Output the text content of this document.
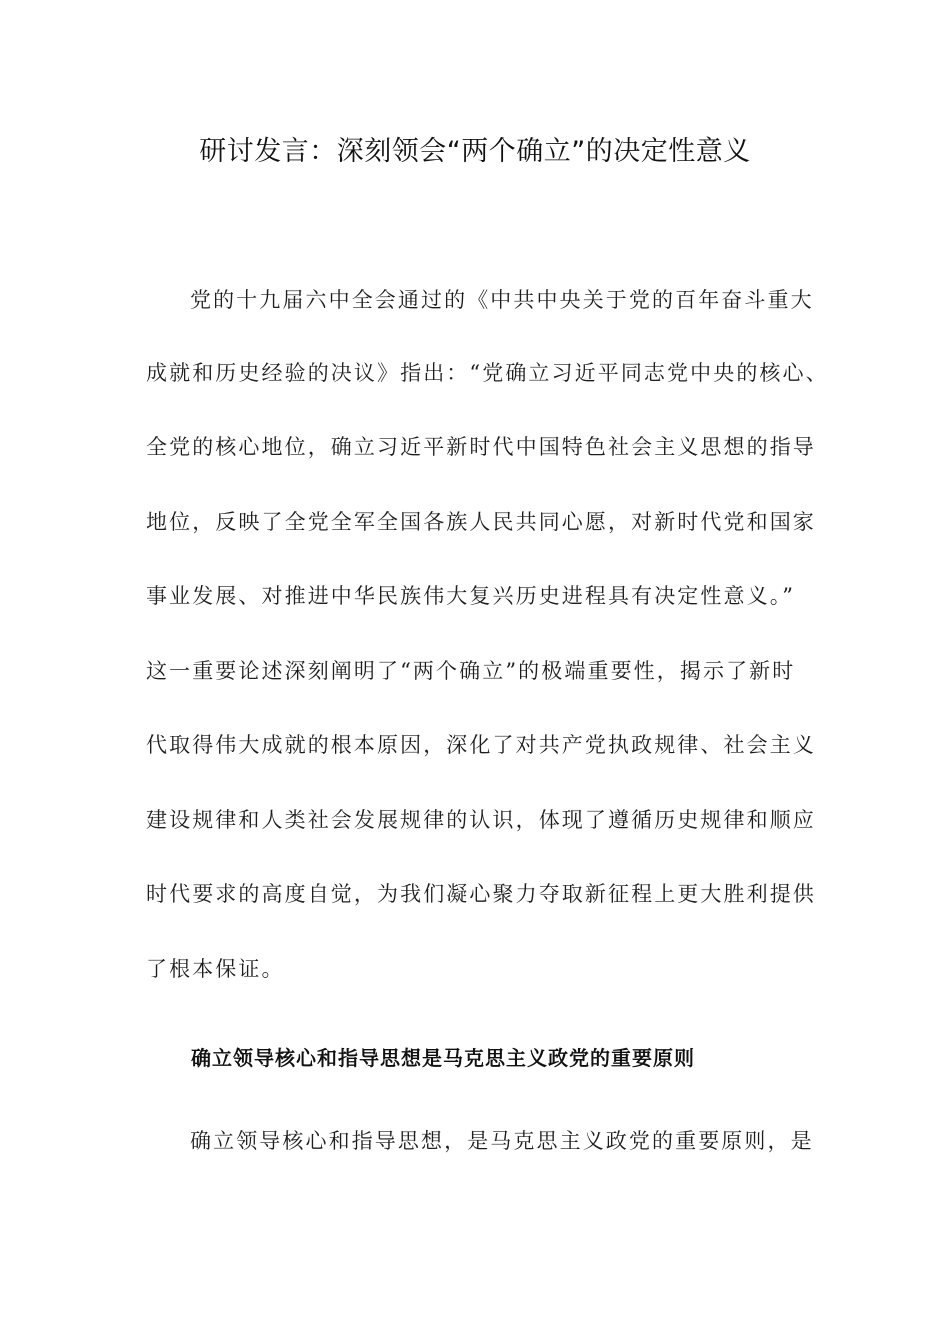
研讨发言：深刻领会“两个确立”的决定性意义
党的十九届六中全会通过的《中共中央关于党的百年奋斗重大
成就和历史经验的决议》指出：“党确立习近平同志党中央的核心、
全党的核心地位，确立习近平新时代中国特色社会主义思想的指导
地位，反映了全党全军全国各族人民共同心愿，对新时代党和国家
事业发展、对推进中华民族伟大复兴历史进程具有决定性意义。”
这一重要论述深刻阐明了“两个确立”的极端重要性，揭示了新时
代取得伟大成就的根本原因，深化了对共产党执政规律、社会主义
建设规律和人类社会发展规律的认识，体现了遵循历史规律和顺应
时代要求的高度自觉，为我们凝心聚力夺取新征程上更大胜利提供
了根本保证。
确立领导核心和指导思想是马克思主义政党的重要原则
确立领导核心和指导思想，是马克思主义政党的重要原则，是
